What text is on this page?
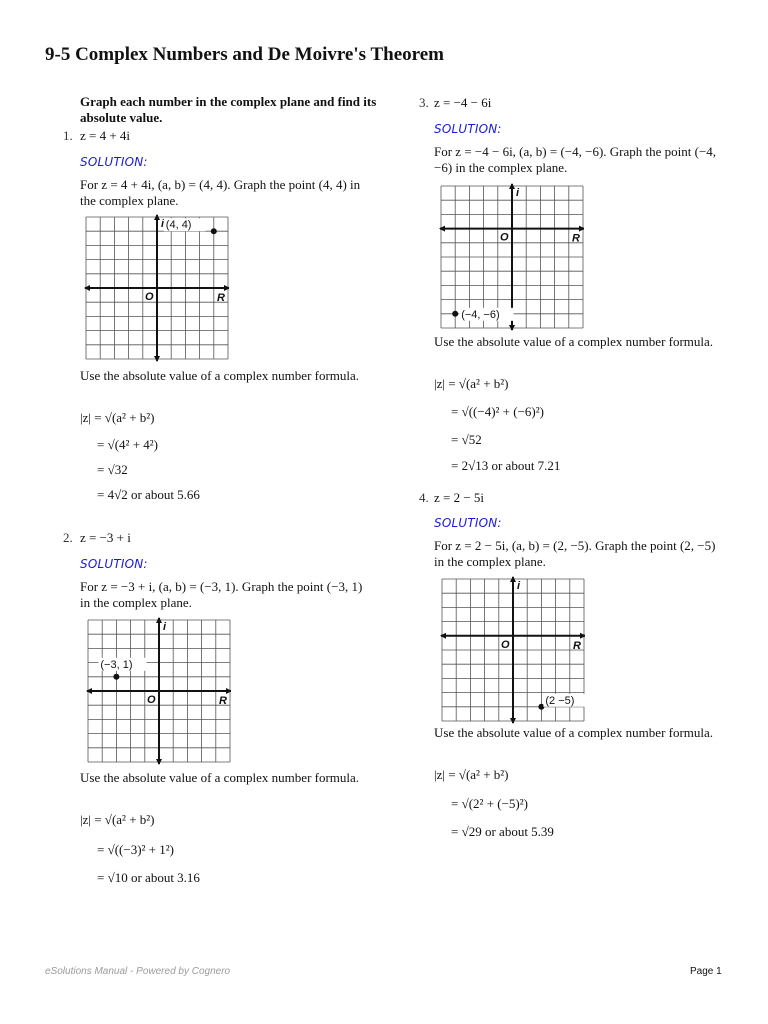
9-5 Complex Numbers and De Moivre's Theorem
Graph each number in the complex plane and find its absolute value.
1. z = 4 + 4i
SOLUTION:
For z = 4 + 4i, (a, b) = (4, 4). Graph the point (4, 4) in the complex plane.
R
i
O
(4, 4)
Use the absolute value of a complex number formula.
|z| = √(a² + b²)
= √(4² + 4²)
= √32
= 4√2 or about 5.66
2. z = −3 + i
SOLUTION:
For z = −3 + i, (a, b) = (−3, 1). Graph the point (−3, 1) in the complex plane.
R
i
O
(−3, 1)
Use the absolute value of a complex number formula.
|z| = √(a² + b²)
= √((−3)² + 1²)
= √10 or about 3.16
3. z = −4 − 6i
SOLUTION:
For z = −4 − 6i, (a, b) = (−4, −6). Graph the point (−4, −6) in the complex plane.
R
i
O
(−4, −6)
Use the absolute value of a complex number formula.
|z| = √(a² + b²)
= √((−4)² + (−6)²)
= √52
= 2√13 or about 7.21
4. z = 2 − 5i
SOLUTION:
For z = 2 − 5i, (a, b) = (2, −5). Graph the point (2, −5) in the complex plane.
R
i
O
(2 −5)
Use the absolute value of a complex number formula.
|z| = √(a² + b²)
= √(2² + (−5)²)
= √29 or about 5.39
eSolutions Manual - Powered by Cognero	Page 1
